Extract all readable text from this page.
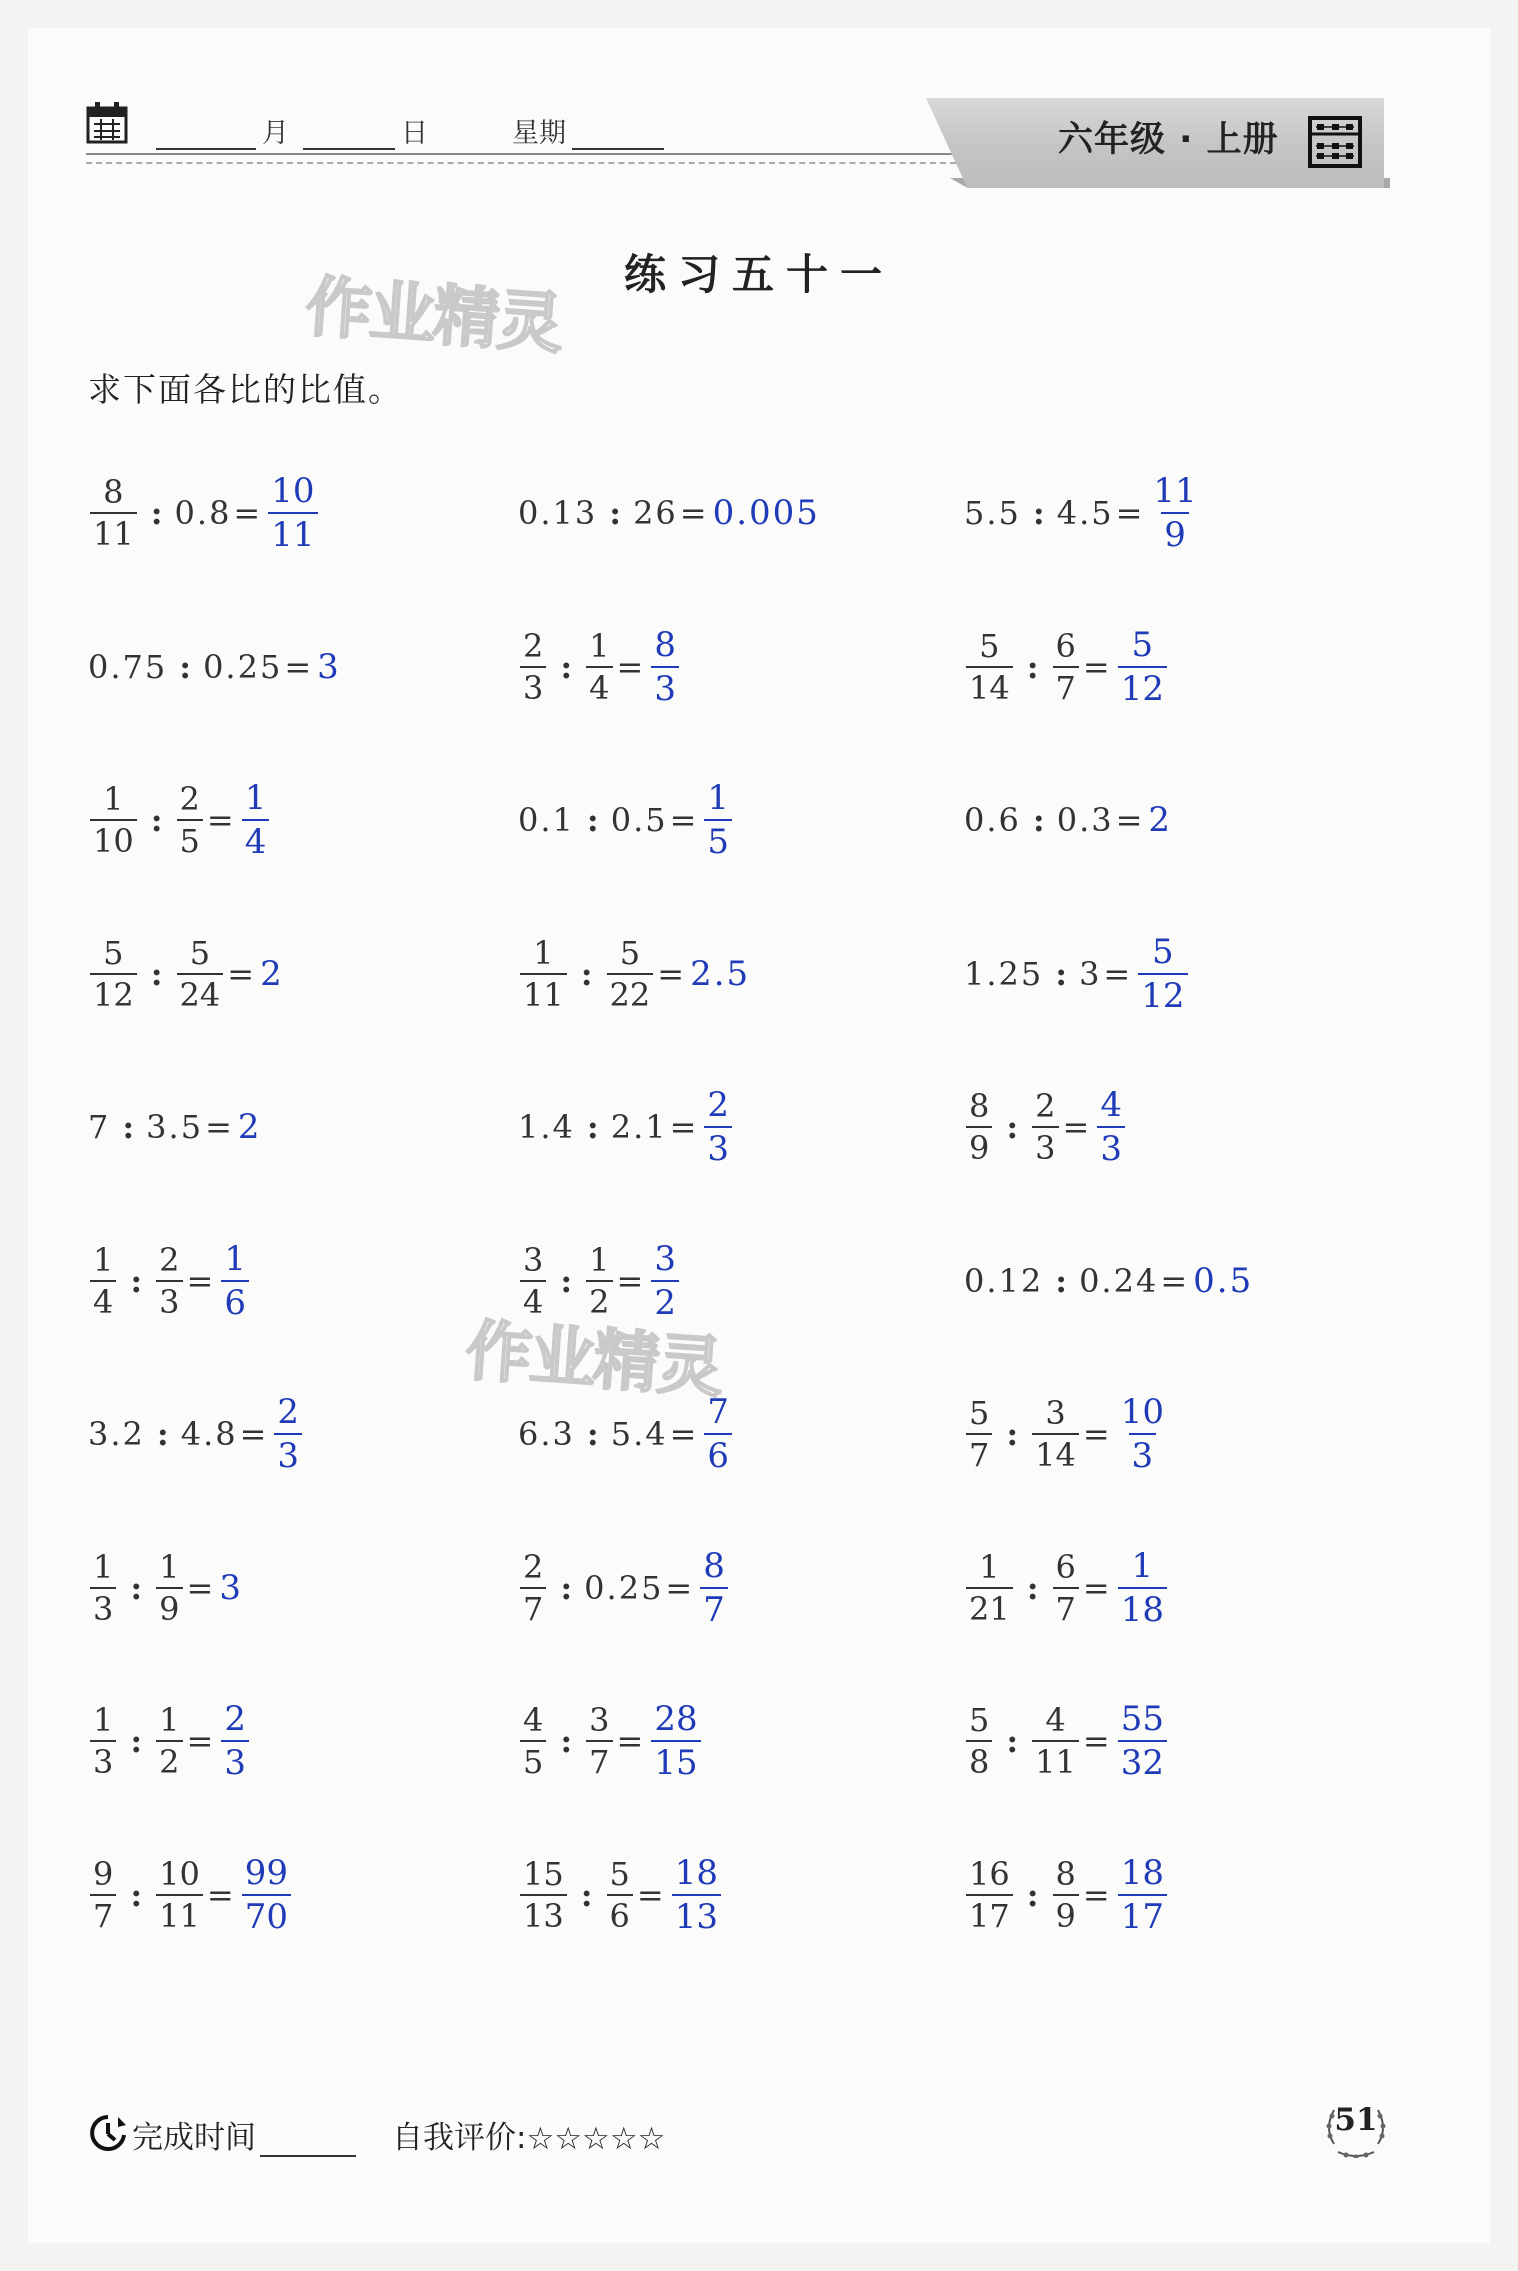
月	日	星期	六年级 · 上册
练习五十一
作业精灵
作业精灵
求下面各比的比值。
$\frac{8}{11}$ : $0.8 = \frac{10}{11}$	0.13 : 26 = 0.005	5.5 : $4.5 = \frac{11}{9}$
0.75 : 0.25 = 3	$\frac{2}{3}$ : $\frac{1}{4} = \frac{8}{3}$	$\frac{5}{14}$ : $\frac{6}{7} = \frac{5}{12}$
$\frac{1}{10}$ : $\frac{2}{5} = \frac{1}{4}$	0.1 : $0.5 = \frac{1}{5}$	0.6 : 0.3 = 2
$\frac{5}{12}$ : $\frac{5}{24} = 2$	$\frac{1}{11}$ : $\frac{5}{22} = 2.5$	1.25 : $3 = \frac{5}{12}$
7 : 3.5 = 2	1.4 : $2.1 = \frac{2}{3}$	$\frac{8}{9}$ : $\frac{2}{3} = \frac{4}{3}$
$\frac{1}{4}$ : $\frac{2}{3} = \frac{1}{6}$	$\frac{3}{4}$ : $\frac{1}{2} = \frac{3}{2}$	0.12 : 0.24 = 0.5
3.2 : $4.8 = \frac{2}{3}$	6.3 : $5.4 = \frac{7}{6}$	$\frac{5}{7}$ : $\frac{3}{14} = \frac{10}{3}$
$\frac{1}{3}$ : $\frac{1}{9} = 3$	$\frac{2}{7}$ : $0.25 = \frac{8}{7}$	$\frac{1}{21}$ : $\frac{6}{7} = \frac{1}{18}$
$\frac{1}{3}$ : $\frac{1}{2} = \frac{2}{3}$	$\frac{4}{5}$ : $\frac{3}{7} = \frac{28}{15}$	$\frac{5}{8}$ : $\frac{4}{11} = \frac{55}{32}$
$\frac{9}{7}$ : $\frac{10}{11} = \frac{99}{70}$	$\frac{15}{13}$ : $\frac{5}{6} = \frac{18}{13}$	$\frac{16}{17}$ : $\frac{8}{9} = \frac{18}{17}$
完成时间	自我评价: ☆☆☆☆☆
51
